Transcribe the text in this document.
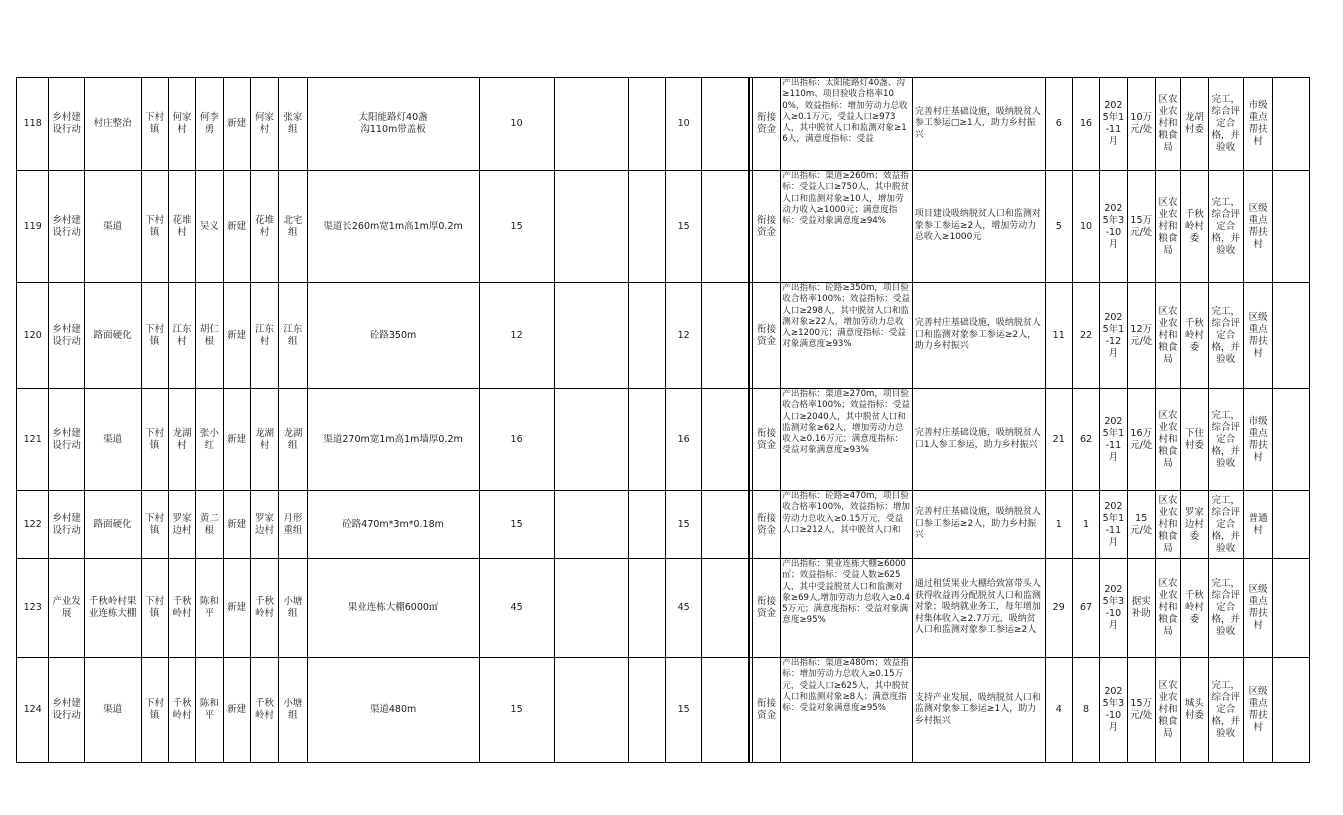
118	乡村建设行动	村庄整治	下村镇	何家村	何李勇	新建	何家村	张家组	太阳能路灯40盏
沟110m带盖板	10			10				衔接资金	产出指标：太阳能路灯40盏、沟≥110m、项目验收合格率100%，效益指标：增加劳动力总收入≥0.1万元，受益人口≥973人，其中脱贫人口和监测对象≥16人，满意度指标：受益	完善村庄基础设施，吸纳脱贫人参工参运□≥1人，助力乡村振兴	6	16	2025年1-11月	10万元/处	区农业农村和粮食局	龙胡村委	完工，综合评定合格，并验收	市级重点帮扶村	
119	乡村建设行动	渠道	下村镇	花堆村	吴义	新建	花堆村	北宅组	渠道长260m宽1m高1m厚0.2m	15			15				衔接资金	产出指标：渠道≥260m；效益指标：受益人口≥750人，其中脱贫人口和监测对象≥10人，增加劳动力收入≥1000元；满意度指标：受益对象满意度≥94%	项目建设吸纳脱贫人口和监测对象参工参运≥2人，增加劳动力总收入≥1000元	5	10	2025年3-10月	15万元/处	区农业农村和粮食局	千秋岭村委	完工，综合评定合格，并验收	区级重点帮扶村	
120	乡村建设行动	路面硬化	下村镇	江东村	胡仁根	新建	江东村	江东组	砼路350m	12			12				衔接资金	产出指标：砼路≥350m，项目验收合格率100%；效益指标：受益人口≥298人，其中脱贫人口和监测对象≥22人，增加劳动力总收入≥1200元；满意度指标：受益对象满意度≥93%	完善村庄基础设施，吸纳脱贫人口和监测对象参工参运≥2人，助力乡村振兴	11	22	2025年1-12月	12万元/处	区农业农村和粮食局	千秋岭村委	完工，综合评定合格，并验收	区级重点帮扶村	
121	乡村建设行动	渠道	下村镇	龙湖村	张小红	新建	龙湖村	龙湖组	渠道270m宽1m高1m墙厚0.2m	16			16				衔接资金	产出指标：渠道≥270m，项目验收合格率100%；效益指标：受益人口≥2040人，其中脱贫人口和监测对象≥62人，增加劳动力总收入≥0.16万元；满意度指标：受益对象满意度≥93%	完善村庄基础设施，吸纳脱贫人口1人参工参运，助力乡村振兴	21	62	2025年1-11月	16万元/处	区农业农村和粮食局	下住村委	完工，综合评定合格，并验收	市级重点帮扶村	
122	乡村建设行动	路面硬化	下村镇	罗家边村	黄二根	新建	罗家边村	月形重组	砼路470m*3m*0.18m	15			15				衔接资金	产出指标：砼路≥470m，项目验收合格率100%，效益指标：增加劳动力总收入≥0.15万元，受益人口≥212人，其中脱贫人口和	完善村庄基础设施，吸纳脱贫人口参工参运≥2人，助力乡村振兴	1	1	2025年1-11月	15元/处	区农业农村和粮食局	罗家边村委	完工，综合评定合格，并验收	普通村	
123	产业发展	千秋岭村果业连栋大棚	下村镇	千秋岭村	陈和平	新建	千秋岭村	小塘组	果业连栋大棚6000㎡	45			45				衔接资金	产出指标：果业连栋大棚≥6000㎡；效益指标：受益人数≥625人，其中受益脱贫人口和监测对象≥69人,增加劳动力总收入≥0.45万元；满意度指标：受益对象满意度≥95%	通过租赁果业大棚给致富带头人获得收益再分配脱贫人口和监测对象；吸纳就业务工，每年增加村集体收入≥2.7万元，吸纳贫人口和监测对象参工参运≥2人	29	67	2025年3-10月	据实补助	区农业农村和粮食局	千秋岭村委	完工，综合评定合格，并验收	区级重点帮扶村	
124	乡村建设行动	渠道	下村镇	千秋岭村	陈和平	新建	千秋岭村	小塘组	渠道480m	15			15				衔接资金	产出指标：渠道≥480m；效益指标：增加劳动力总收入≥0.15万元，受益人口≥625人，其中脱贫人口和监测对象≥8人；满意度指标：受益对象满意度≥95%	支持产业发展，吸纳脱贫人口和监测对象参工参运≥1人，助力乡村振兴	4	8	2025年3-10月	15万元/处	区农业农村和粮食局	城头村委	完工，综合评定合格，并验收	区级重点帮扶村	
